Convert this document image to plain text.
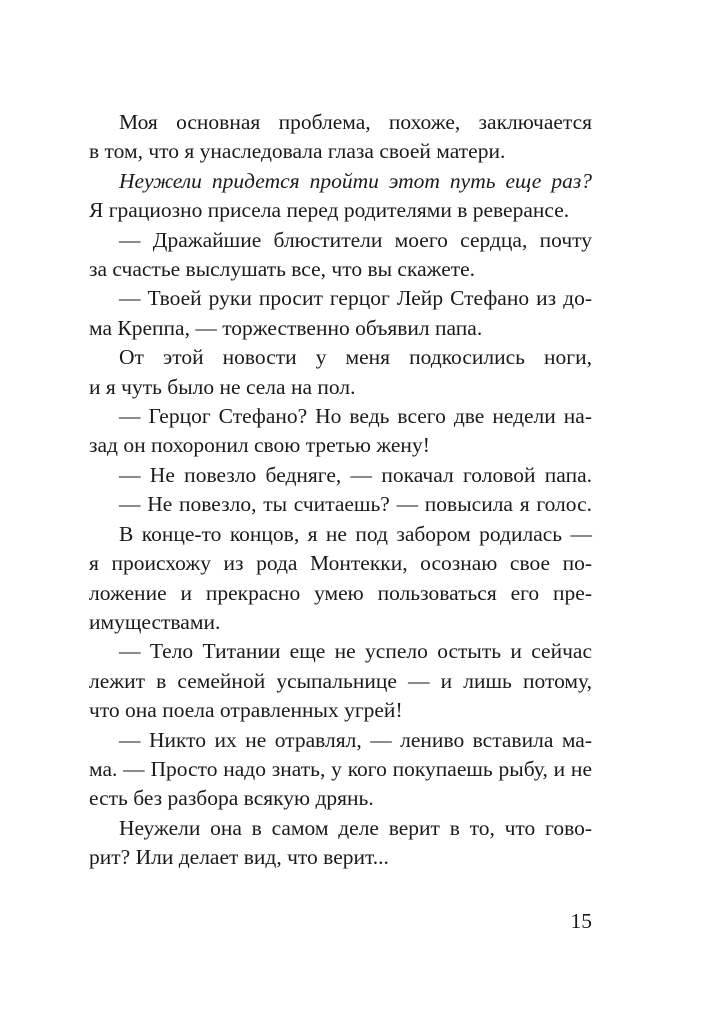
Моя основная проблема, похоже, заключается
в том, что я унаследовала глаза своей матери.
Неужели придется пройти этот путь еще раз?
Я грациозно присела перед родителями в реверансе.
— Дражайшие блюстители моего сердца, почту
за счастье выслушать все, что вы скажете.
— Твоей руки просит герцог Лейр Стефано из до-
ма Креппа, — торжественно объявил папа.
От этой новости у меня подкосились ноги,
и я чуть было не села на пол.
— Герцог Стефано? Но ведь всего две недели на-
зад он похоронил свою третью жену!
— Не повезло бедняге, — покачал головой папа.
— Не повезло, ты считаешь? — повысила я голос.
В конце-то концов, я не под забором родилась —
я происхожу из рода Монтекки, осознаю свое по-
ложение и прекрасно умею пользоваться его пре-
имуществами.
— Тело Титании еще не успело остыть и сейчас
лежит в семейной усыпальнице — и лишь потому,
что она поела отравленных угрей!
— Никто их не отравлял, — лениво вставила ма-
ма. — Просто надо знать, у кого покупаешь рыбу, и не
есть без разбора всякую дрянь.
Неужели она в самом деле верит в то, что гово-
рит? Или делает вид, что верит...
15
